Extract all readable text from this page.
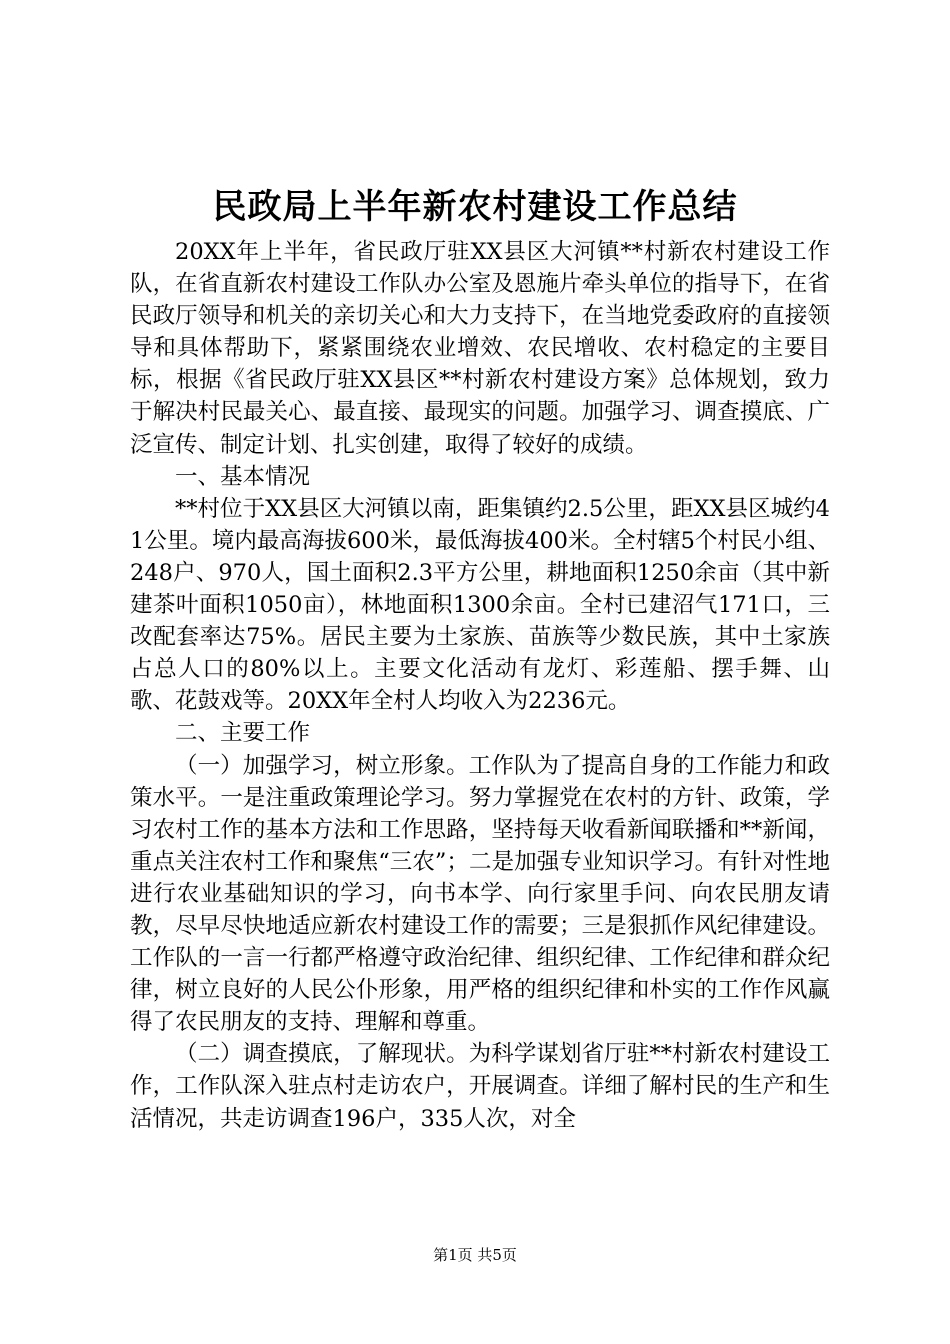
民政局上半年新农村建设工作总结

20XX年上半年，省民政厅驻XX县区大河镇**村新农村建设工作队，在省直新农村建设工作队办公室及恩施片牵头单位的指导下，在省民政厅领导和机关的亲切关心和大力支持下，在当地党委政府的直接领导和具体帮助下，紧紧围绕农业增效、农民增收、农村稳定的主要目标，根据《省民政厅驻XX县区**村新农村建设方案》总体规划，致力于解决村民最关心、最直接、最现实的问题。加强学习、调查摸底、广泛宣传、制定计划、扎实创建，取得了较好的成绩。

一、基本情况

**村位于XX县区大河镇以南，距集镇约2.5公里，距XX县区城约41公里。境内最高海拔600米，最低海拔400米。全村辖5个村民小组、248户、970人，国土面积2.3平方公里，耕地面积1250余亩（其中新建茶叶面积1050亩），林地面积1300余亩。全村已建沼气171口，三改配套率达75%。居民主要为土家族、苗族等少数民族，其中土家族占总人口的80%以上。主要文化活动有龙灯、彩莲船、摆手舞、山歌、花鼓戏等。20XX年全村人均收入为2236元。

二、主要工作

（一）加强学习，树立形象。工作队为了提高自身的工作能力和政策水平。一是注重政策理论学习。努力掌握党在农村的方针、政策，学习农村工作的基本方法和工作思路，坚持每天收看新闻联播和**新闻，重点关注农村工作和聚焦“三农”；二是加强专业知识学习。有针对性地进行农业基础知识的学习，向书本学、向行家里手问、向农民朋友请教，尽早尽快地适应新农村建设工作的需要；三是狠抓作风纪律建设。工作队的一言一行都严格遵守政治纪律、组织纪律、工作纪律和群众纪律，树立良好的人民公仆形象，用严格的组织纪律和朴实的工作作风赢得了农民朋友的支持、理解和尊重。

（二）调查摸底，了解现状。为科学谋划省厅驻**村新农村建设工作，工作队深入驻点村走访农户，开展调查。详细了解村民的生产和生活情况，共走访调查196户，335人次，对全

第1页 共5页
